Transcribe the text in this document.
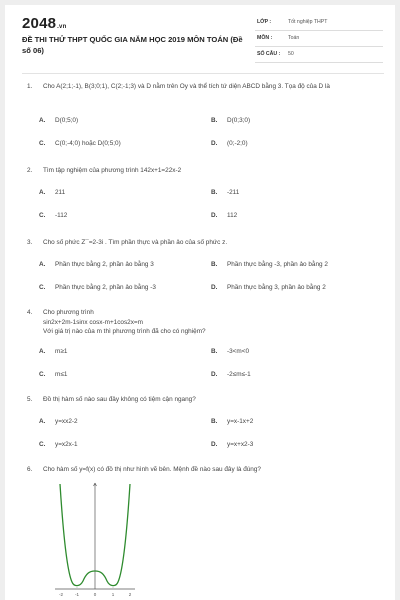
2048.vn
ĐỀ THI THỬ THPT QUỐC GIA NĂM HỌC 2019 MÔN TOÁN (Đề số 06)
LỚP :	Tốt nghiệp THPT
MÔN :	Toán
SỐ CÂU : 50
1.	Cho A(2;1;-1), B(3;0;1), C(2;-1;3) và D nằm trên Oy và thể tích tứ diện ABCD bằng 3. Tọa độ của D là
A. D(0;5;0)	B. D(0;3;0)
C. C(0;-4;0) hoặc D(0;5;0)	D. (0;-2;0)
2.	Tìm tập nghiệm của phương trình 142x+1=22x-2
A. 211	B. -211
C. -112	D. 112
3.	Cho số phức Z¯=2-3i . Tìm phần thực và phần ảo của số phức z.
A. Phần thực bằng 2, phần ảo bằng 3	B. Phần thực bằng -3, phần ảo bằng 2
C. Phần thực bằng 2, phần ảo bằng -3	D. Phần thực bằng 3, phần ảo bằng 2
4.	Cho phương trình
sin2x+2m-1sinx cosx-m+1cos2x=m
Với giá trị nào của m thì phương trình đã cho có nghiệm?
A. m≥1	B. -3<m<0
C. m≤1	D. -2≤m≤-1
5.	Đồ thị hàm số nào sau đây không có tiệm cận ngang?
A. y=xx2-2	B. y=x-1x+2
C. y=x2x-1	D. y=x+x2-3
6.	Cho hàm số y=f(x) có đồ thị như hình vẽ bên. Mệnh đề nào sau đây là đúng?
-2	-1	0	1	2
